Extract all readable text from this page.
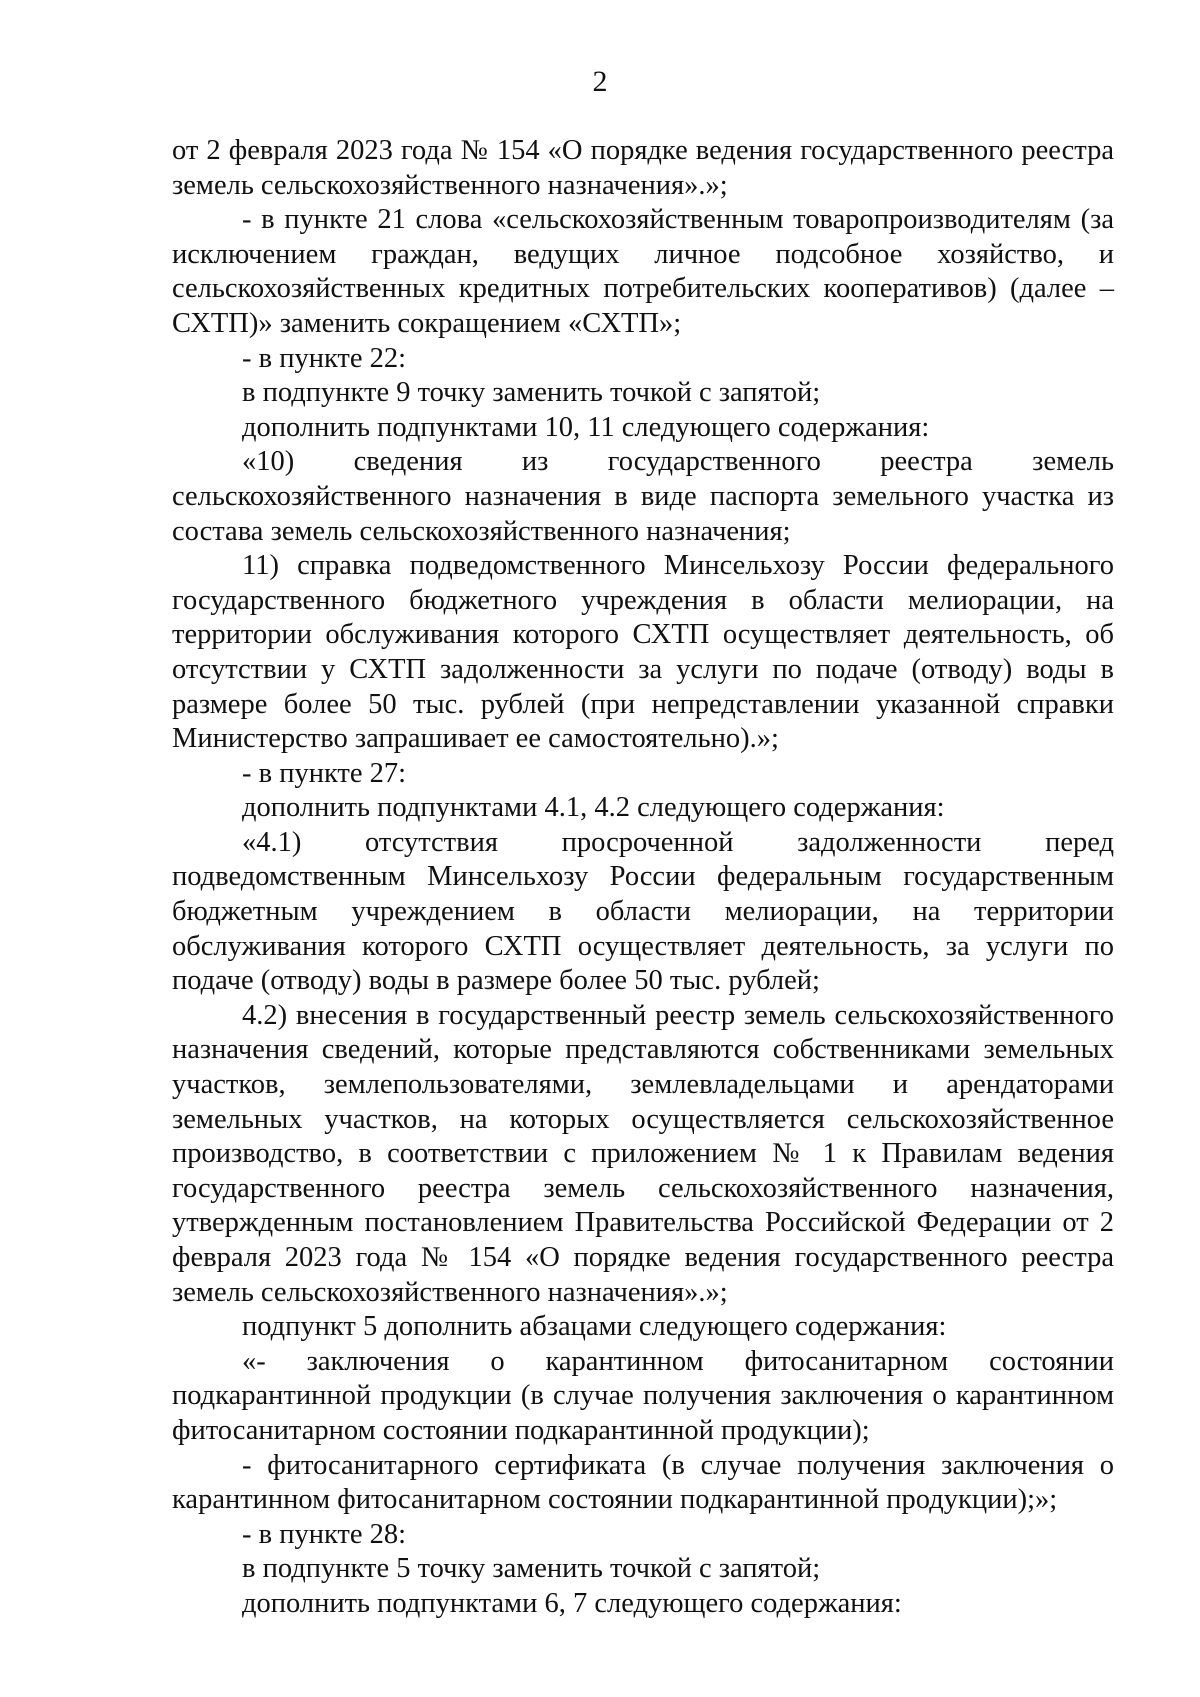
2

от 2 февраля 2023 года № 154 «О порядке ведения государственного реестра земель сельскохозяйственного назначения».»;

- в пункте 21 слова «сельскохозяйственным товаропроизводителям (за исключением граждан, ведущих личное подсобное хозяйство, и сельскохозяйственных кредитных потребительских кооперативов) (далее – СХТП)» заменить сокращением «СХТП»;

- в пункте 22:

в подпункте 9 точку заменить точкой с запятой;

дополнить подпунктами 10, 11 следующего содержания:

«10) сведения из государственного реестра земель сельскохозяйственного назначения в виде паспорта земельного участка из состава земель сельскохозяйственного назначения;

11) справка подведомственного Минсельхозу России федерального государственного бюджетного учреждения в области мелиорации, на территории обслуживания которого СХТП осуществляет деятельность, об отсутствии у СХТП задолженности за услуги по подаче (отводу) воды в размере более 50 тыс. рублей (при непредставлении указанной справки Министерство запрашивает ее самостоятельно).»;

- в пункте 27:

дополнить подпунктами 4.1, 4.2 следующего содержания:

«4.1) отсутствия просроченной задолженности перед подведомственным Минсельхозу России федеральным государственным бюджетным учреждением в области мелиорации, на территории обслуживания которого СХТП осуществляет деятельность, за услуги по подаче (отводу) воды в размере более 50 тыс. рублей;

4.2) внесения в государственный реестр земель сельскохозяйственного назначения сведений, которые представляются собственниками земельных участков, землепользователями, землевладельцами и арендаторами земельных участков, на которых осуществляется сельскохозяйственное производство, в соответствии с приложением № 1 к Правилам ведения государственного реестра земель сельскохозяйственного назначения, утвержденным постановлением Правительства Российской Федерации от 2 февраля 2023 года № 154 «О порядке ведения государственного реестра земель сельскохозяйственного назначения».»;

подпункт 5 дополнить абзацами следующего содержания:

«- заключения о карантинном фитосанитарном состоянии подкарантинной продукции (в случае получения заключения о карантинном фитосанитарном состоянии подкарантинной продукции);

- фитосанитарного сертификата (в случае получения заключения о карантинном фитосанитарном состоянии подкарантинной продукции);»;

- в пункте 28:

в подпункте 5 точку заменить точкой с запятой;

дополнить подпунктами 6, 7 следующего содержания:
